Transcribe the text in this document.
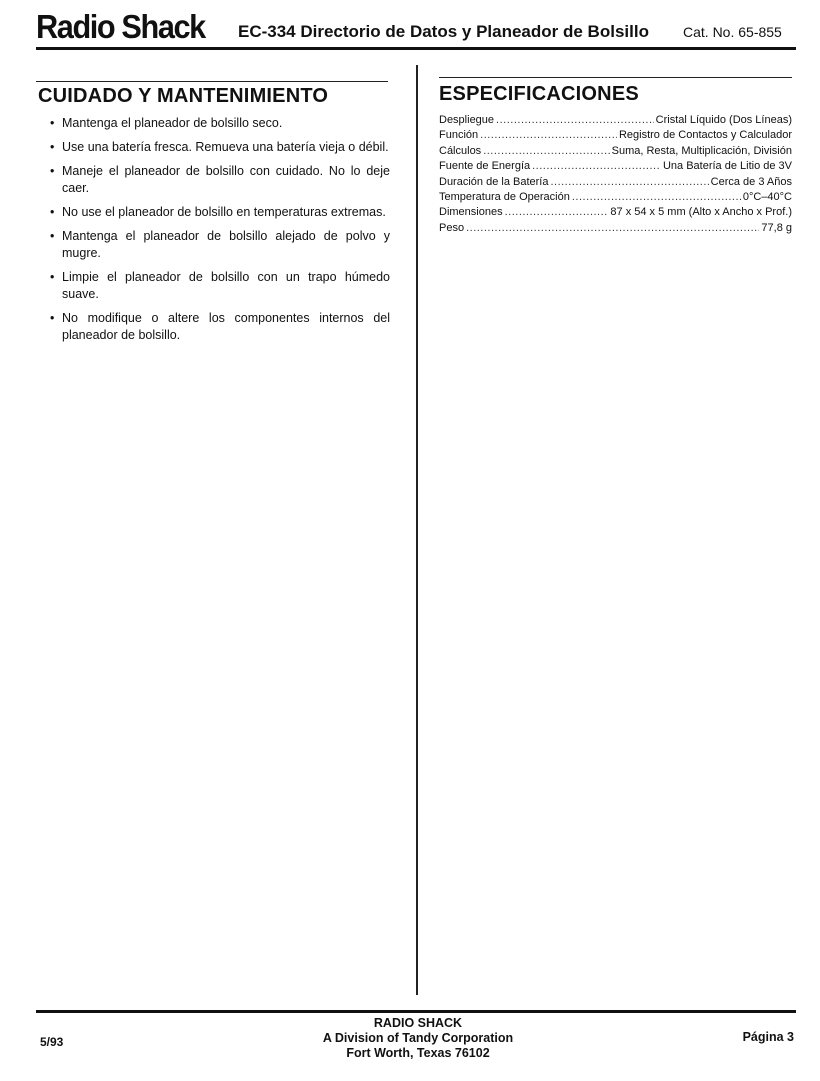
Radio Shack EC-334 Directorio de Datos y Planeador de Bolsillo Cat. No. 65-855
CUIDADO Y MANTENIMIENTO
• Mantenga el planeador de bolsillo seco.
• Use una batería fresca. Remueva una batería vieja o débil.
• Maneje el planeador de bolsillo con cuidado. No lo deje caer.
• No use el planeador de bolsillo en temperaturas extremas.
• Mantenga el planeador de bolsillo alejado de polvo y mugre.
• Limpie el planeador de bolsillo con un trapo húmedo suave.
• No modifique o altere los componentes internos del planeador de bolsillo.
ESPECIFICACIONES
Despliegue .....	Cristal Líquido (Dos Líneas)
Función .....	Registro de Contactos y Calculador
Cálculos .....	Suma, Resta, Multiplicación, División
Fuente de Energía .....	Una Batería de Litio de 3V
Duración de la Batería .....	Cerca de 3 Años
Temperatura de Operación .....	0°C–40°C
Dimensiones .....	87 x 54 x 5 mm (Alto x Ancho x Prof.)
Peso .....	77,8 g
5/93
RADIO SHACK
A Division of Tandy Corporation
Fort Worth, Texas 76102
Página 3
